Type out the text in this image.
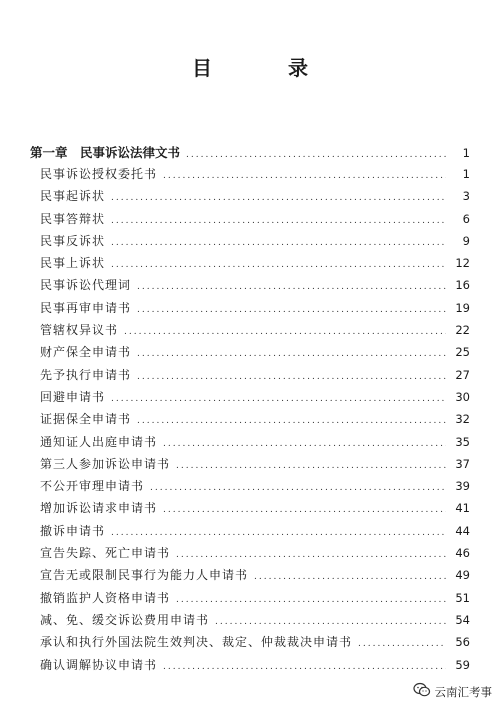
目　录
第一章　民事诉讼法律文书 .....	1
民事诉讼授权委托书 .....	1
民事起诉状 .....	3
民事答辩状 .....	6
民事反诉状 .....	9
民事上诉状 .....	12
民事诉讼代理词 .....	16
民事再审申请书 .....	19
管辖权异议书 .....	22
财产保全申请书 .....	25
先予执行申请书 .....	27
回避申请书 .....	30
证据保全申请书 .....	32
通知证人出庭申请书 .....	35
第三人参加诉讼申请书 .....	37
不公开审理申请书 .....	39
增加诉讼请求申请书 .....	41
撤诉申请书 .....	44
宣告失踪、死亡申请书 .....	46
宣告无或限制民事行为能力人申请书 .....	49
撤销监护人资格申请书 .....	51
减、免、缓交诉讼费用申请书 .....	54
承认和执行外国法院生效判决、裁定、仲裁裁决申请书 .....	56
确认调解协议申请书 .....	59
云南汇考事
